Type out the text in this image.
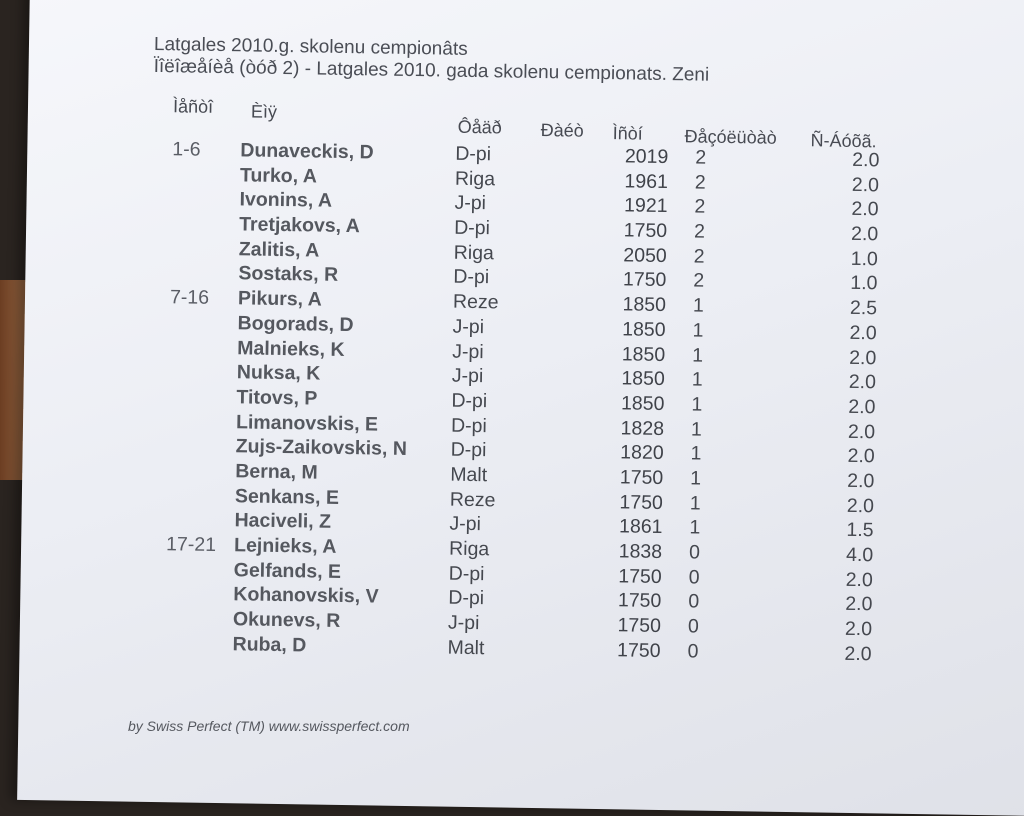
Latgales 2010.g. skolenu cempionâts
Ïîëîæåíèå (òóð 2) - Latgales 2010. gada skolenu cempionats. Zeni
Ìåñòî Èìÿ
Ôåäð Ðàéò Ìñòí Ðåçóëüòàò Ñ-Áóõã.
1-6 Dunaveckis, D	D-pi	2019 2	2.0
Turko, A	Riga	1961 2	2.0
Ivonins, A	J-pi	1921 2	2.0
Tretjakovs, A	D-pi	1750 2	2.0
Zalitis, A	Riga	2050 2	1.0
Sostaks, R	D-pi	1750 2	1.0
7-16 Pikurs, A	Reze	1850 1	2.5
Bogorads, D	J-pi	1850 1	2.0
Malnieks, K	J-pi	1850 1	2.0
Nuksa, K	J-pi	1850 1	2.0
Titovs, P	D-pi	1850 1	2.0
Limanovskis, E	D-pi	1828 1	2.0
Zujs-Zaikovskis, N D-pi	1820 1	2.0
Berna, M	Malt	1750 1	2.0
Senkans, E	Reze	1750 1	2.0
Haciveli, Z	J-pi	1861 1	1.5
17-21 Lejnieks, A	Riga	1838 0	4.0
Gelfands, E	D-pi	1750 0	2.0
Kohanovskis, V	D-pi	1750 0	2.0
Okunevs, R	J-pi	1750 0	2.0
Ruba, D	Malt	1750 0	2.0
by Swiss Perfect (TM) www.swissperfect.com
